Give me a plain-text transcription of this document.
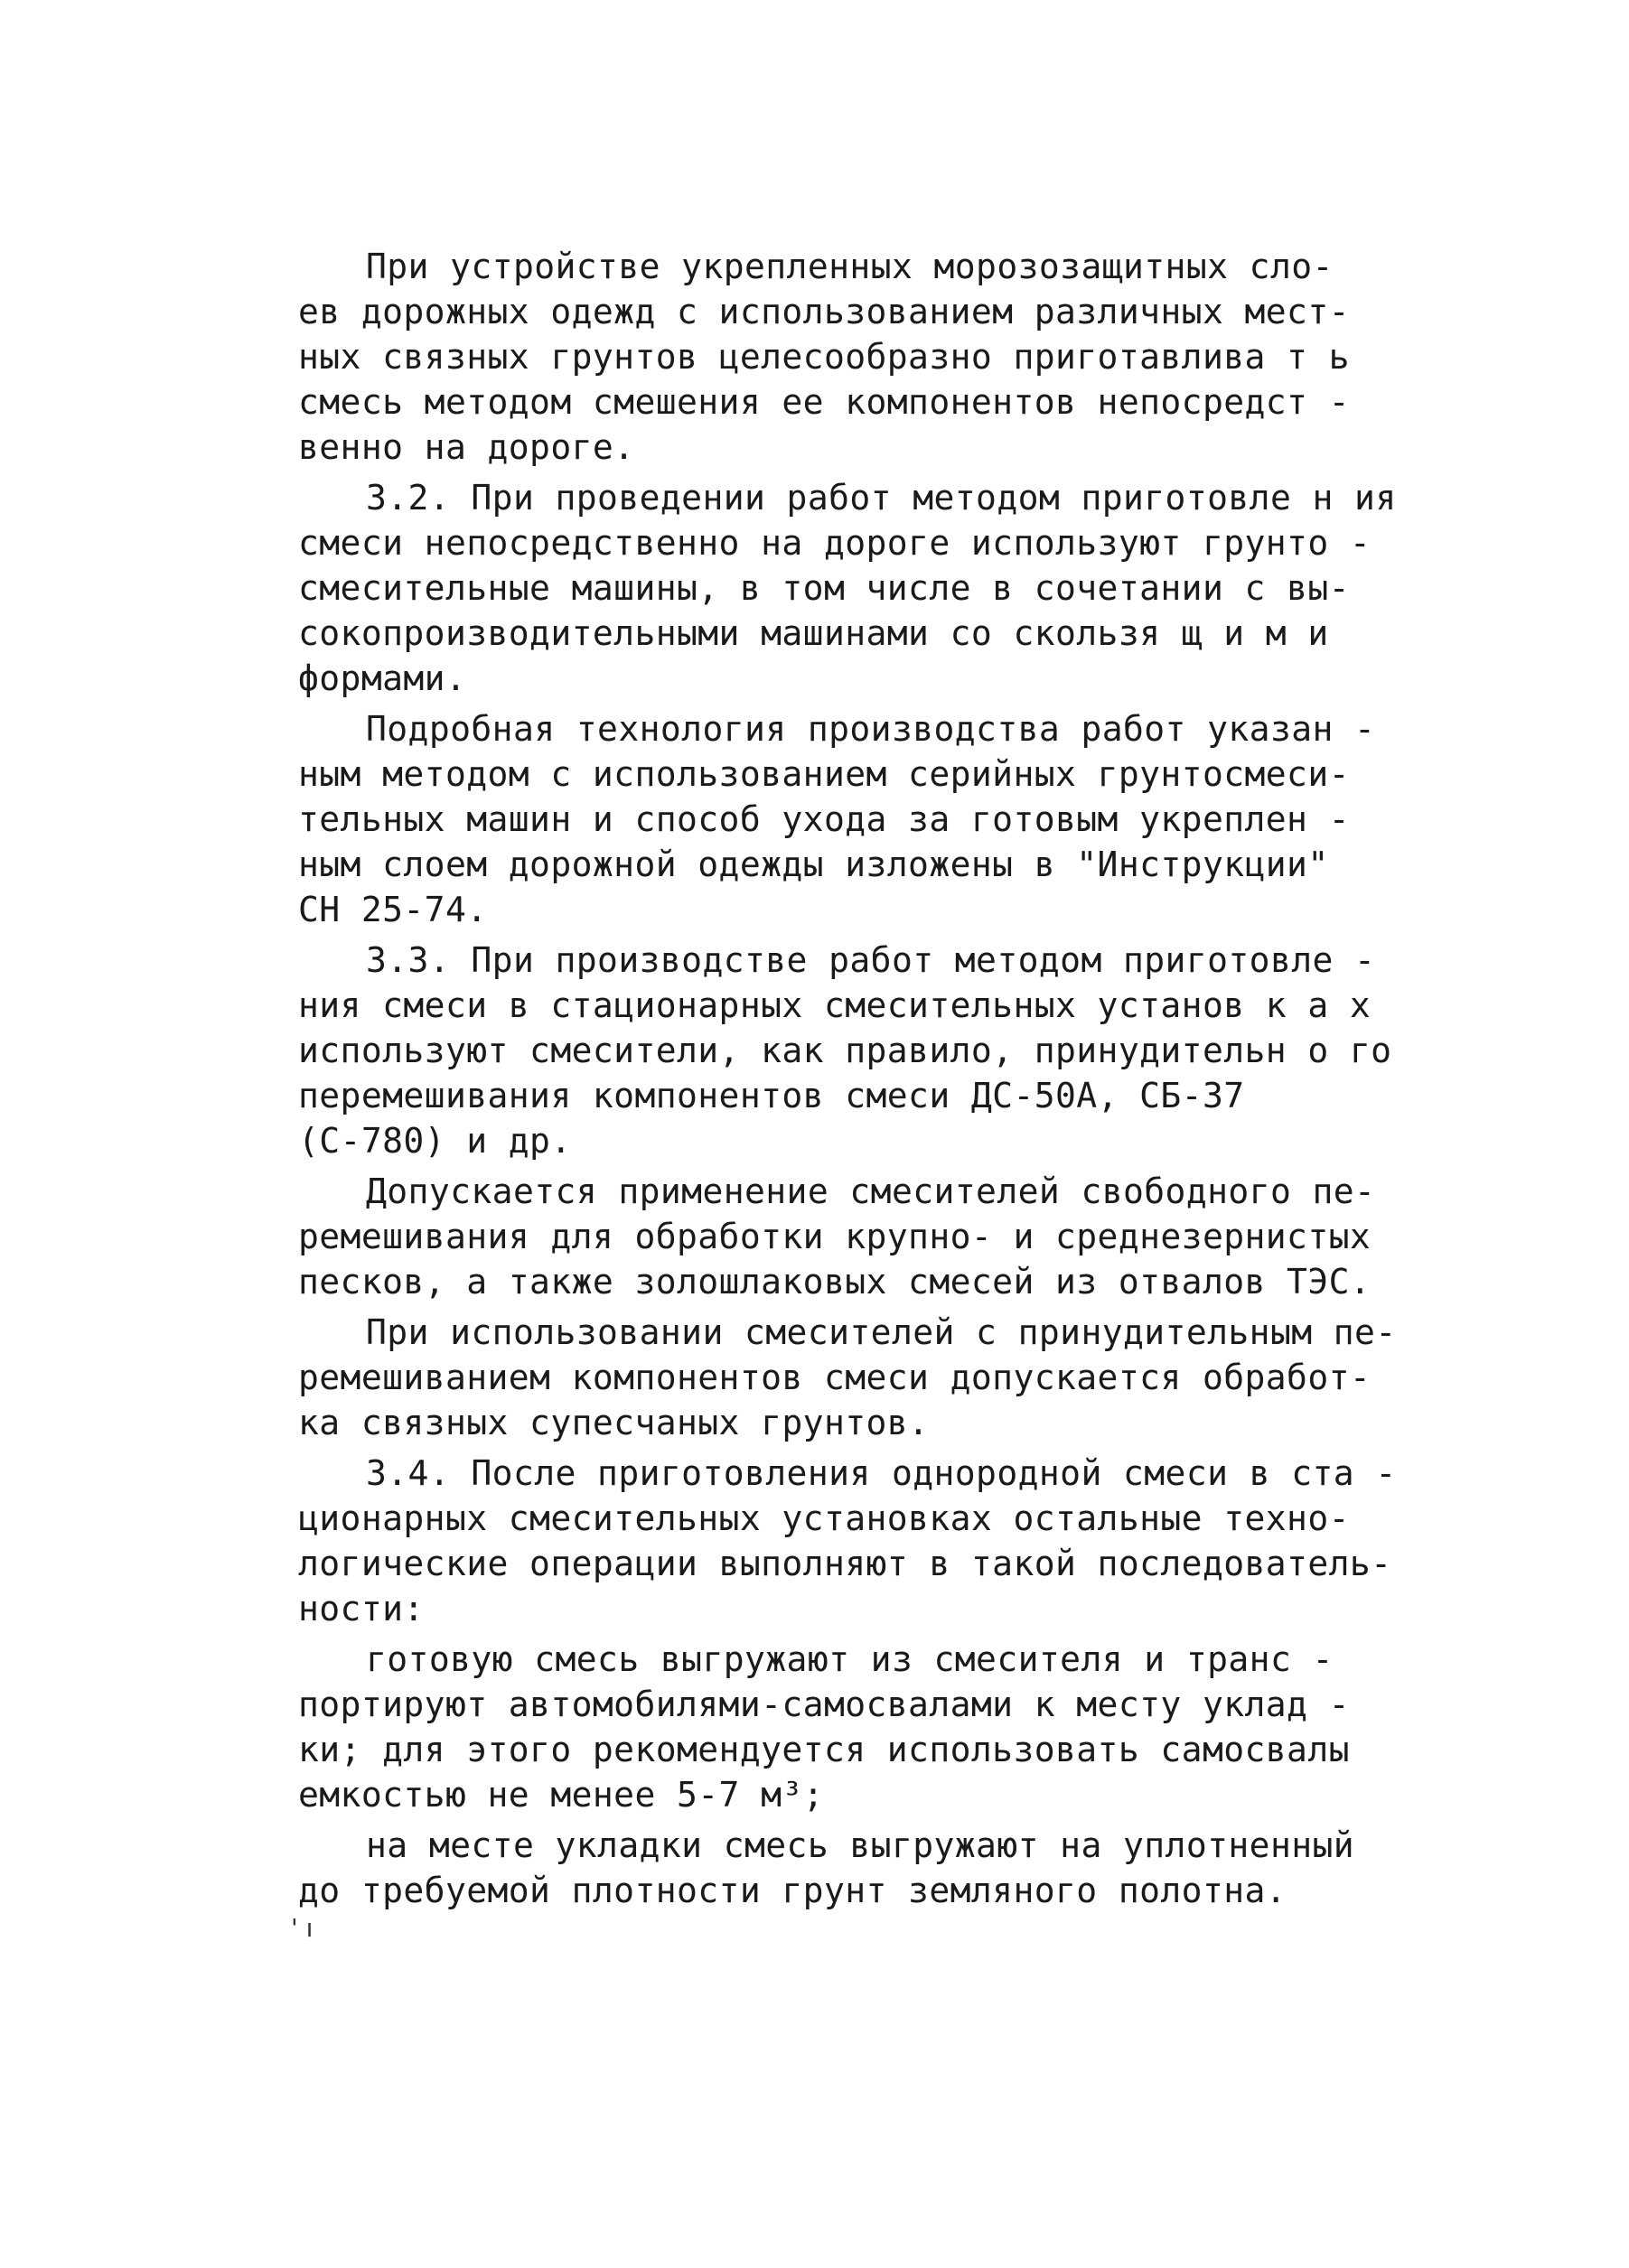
При устройстве укрепленных морозозащитных сло-
ев дорожных одежд с использованием различных мест-
ных связных грунтов целесообразно приготавлива т ь
смесь методом смешения ее компонентов непосредст -
венно на дороге.
3.2. При проведении работ методом приготовле н ия
смеси непосредственно на дороге используют грунто -
смесительные машины, в том числе в сочетании с вы-
сокопроизводительными машинами со скользя щ и м и
формами.
Подробная технология производства работ указан -
ным методом с использованием серийных грунтосмеси-
тельных машин и способ ухода за готовым укреплен -
ным слоем дорожной одежды изложены в "Инструкции"
СН 25-74.
3.3. При производстве работ методом приготовле -
ния смеси в стационарных смесительных установ к а х
используют смесители, как правило, принудительн о го
перемешивания компонентов смеси ДС-50А, СБ-37
(С-780) и др.
Допускается применение смесителей свободного пе-
ремешивания для обработки крупно- и среднезернистых
песков, а также золошлаковых смесей из отвалов ТЭС.
При использовании смесителей с принудительным пе-
ремешиванием компонентов смеси допускается обработ-
ка связных супесчаных грунтов.
3.4. После приготовления однородной смеси в ста -
ционарных смесительных установках остальные техно-
логические операции выполняют в такой последователь-
ности:
готовую смесь выгружают из смесителя и транс -
портируют автомобилями-самосвалами к месту уклад -
ки; для этого рекомендуется использовать самосвалы
емкостью не менее 5-7 м³;
на месте укладки смесь выгружают на уплотненный
до требуемой плотности грунт земляного полотна.
' ı
